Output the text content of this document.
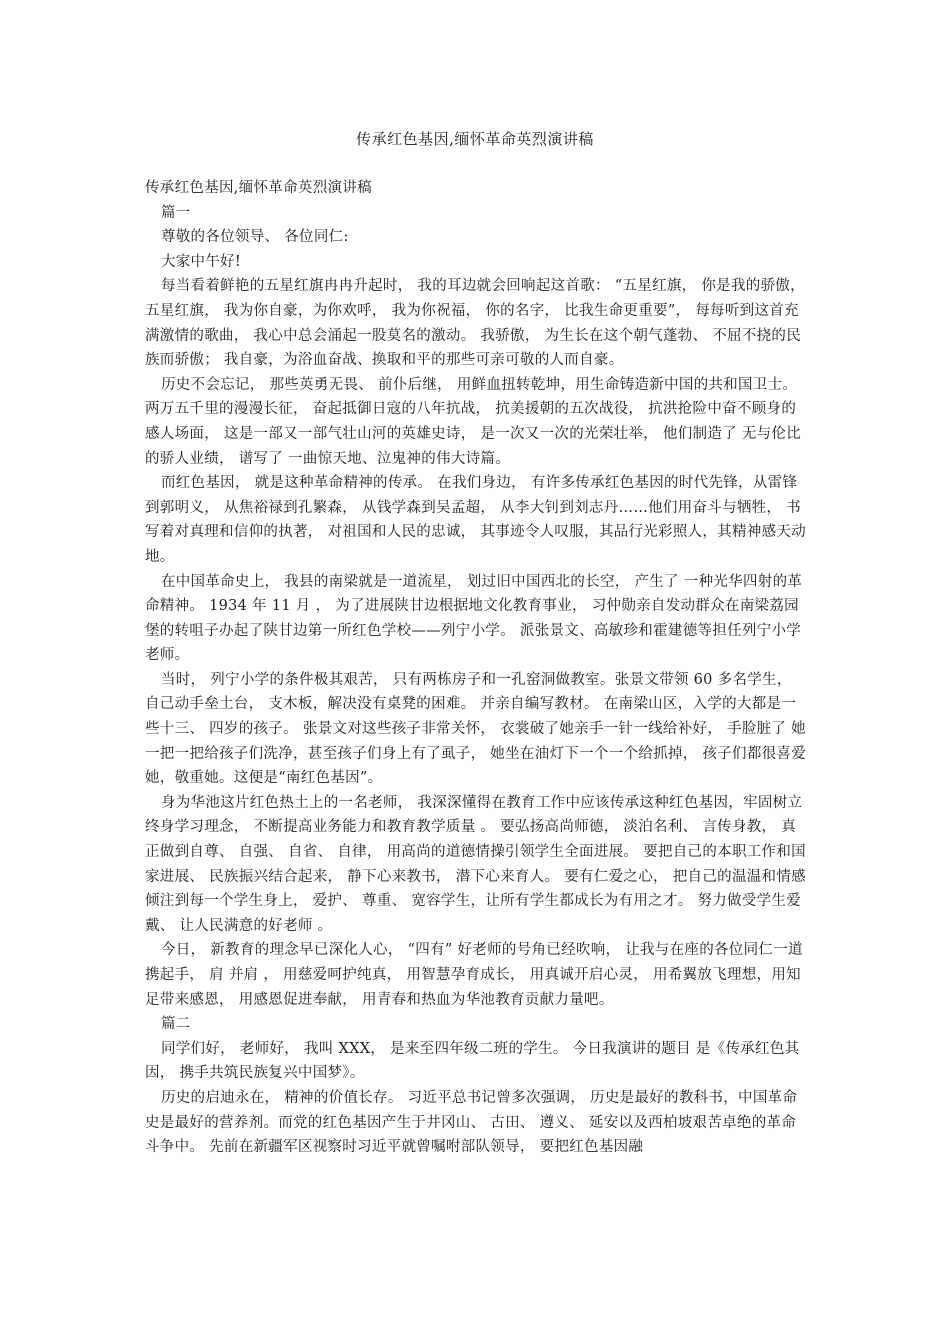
传承红色基因,缅怀革命英烈演讲稿

传承红色基因,缅怀革命英烈演讲稿

篇一

尊敬的各位领导、 各位同仁:

大家中午好!

每当看着鲜艳的五星红旗冉冉升起时， 我的耳边就会回响起这首歌： “五星红旗， 你是我的骄傲， 五星红旗， 我为你自豪，为你欢呼， 我为你祝福， 你的名字， 比我生命更重要”， 每每听到这首充满激情的歌曲， 我心中总会涌起一股莫名的激动。 我骄傲， 为生长在这个朝气蓬勃、 不屈不挠的民族而骄傲； 我自豪，为浴血奋战、换取和平的那些可亲可敬的人而自豪。

历史不会忘记， 那些英勇无畏、 前仆后继， 用鲜血扭转乾坤，用生命铸造新中国的共和国卫士。 两万五千里的漫漫长征， 奋起抵御日寇的八年抗战， 抗美援朝的五次战役， 抗洪抢险中奋不顾身的感人场面， 这是一部又一部气壮山河的英雄史诗， 是一次又一次的光荣壮举， 他们制造了 无与伦比的骄人业绩， 谱写了 一曲惊天地、泣鬼神的伟大诗篇。

而红色基因， 就是这种革命精神的传承。 在我们身边， 有许多传承红色基因的时代先锋，从雷锋到郭明义， 从焦裕禄到孔繁森， 从钱学森到吴孟超， 从李大钊到刘志丹……他们用奋斗与牺牲， 书写着对真理和信仰的执著， 对祖国和人民的忠诚， 其事迹令人叹服，其品行光彩照人，其精神感天动地。

在中国革命史上， 我县的南梁就是一道流星， 划过旧中国西北的长空， 产生了 一种光华四射的革命精神。 1934 年 11 月 ， 为了进展陕甘边根据地文化教育事业， 习仲勋亲自发动群众在南梁荔园堡的转咀子办起了陕甘边第一所红色学校——列宁小学。 派张景文、高敏珍和霍建德等担任列宁小学老师。

当时， 列宁小学的条件极其艰苦， 只有两栋房子和一孔窑洞做教室。张景文带领 60 多名学生， 自己动手垒土台， 支木板，解决没有桌凳的困难。 并亲自编写教材。 在南梁山区，入学的大都是一些十三、 四岁的孩子。 张景文对这些孩子非常关怀， 衣裳破了她亲手一针一线给补好， 手脸脏了 她一把一把给孩子们洗净，甚至孩子们身上有了虱子， 她坐在油灯下一个一个给抓掉， 孩子们都很喜爱她，敬重她。这便是“南红色基因”。

身为华池这片红色热土上的一名老师， 我深深懂得在教育工作中应该传承这种红色基因，牢固树立终身学习理念， 不断提高业务能力和教育教学质量 。 要弘扬高尚师德， 淡泊名利、 言传身教， 真正做到自尊、 自强、 自省、 自律， 用高尚的道德情操引领学生全面进展。 要把自己的本职工作和国家进展、 民族振兴结合起来， 静下心来教书， 潜下心来育人。 要有仁爱之心， 把自己的温温和情感倾注到每一个学生身上， 爱护、 尊重、 宽容学生，让所有学生都成长为有用之才。 努力做受学生爱戴、 让人民满意的好老师 。

今日， 新教育的理念早已深化人心， “四有” 好老师的号角已经吹响， 让我与在座的各位同仁一道携起手， 肩 并肩 ， 用慈爱呵护纯真， 用智慧孕育成长， 用真诚开启心灵， 用希翼放飞理想，用知足带来感恩， 用感恩促进奉献， 用青春和热血为华池教育贡献力量吧。

篇二

同学们好， 老师好， 我叫 XXX， 是来至四年级二班的学生。 今日我演讲的题目 是《传承红色其因， 携手共筑民族复兴中国梦》。

历史的启迪永在， 精神的价值长存。 习近平总书记曾多次强调， 历史是最好的教科书，中国革命史是最好的营养剂。而党的红色基因产生于井冈山、 古田、 遵义、 延安以及西柏坡艰苦卓绝的革命斗争中。 先前在新疆军区视察时习近平就曾嘱咐部队领导， 要把红色基因融
